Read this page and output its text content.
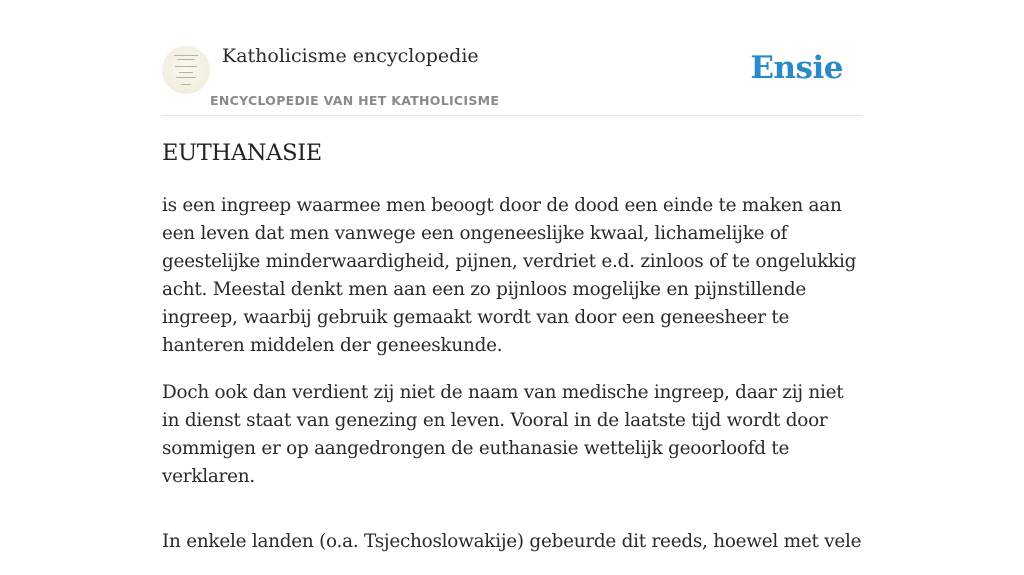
Katholicisme encyclopedie
ENCYCLOPEDIE VAN HET KATHOLICISME
Ensie
EUTHANASIE

is een ingreep waarmee men beoogt door de dood een einde te maken aan een leven dat men vanwege een ongeneeslijke kwaal, lichamelijke of geestelijke minderwaardigheid, pijnen, verdriet e.d. zinloos of te ongelukkig acht. Meestal denkt men aan een zo pijnloos mogelijke en pijnstillende ingreep, waarbij gebruik gemaakt wordt van door een geneesheer te hanteren middelen der geneeskunde.

Doch ook dan verdient zij niet de naam van medische ingreep, daar zij niet in dienst staat van genezing en leven. Vooral in de laatste tijd wordt door sommigen er op aangedrongen de euthanasie wettelijk geoorloofd te verklaren.

In enkele landen (o.a. Tsjechoslowakije) gebeurde dit reeds, hoewel met vele
